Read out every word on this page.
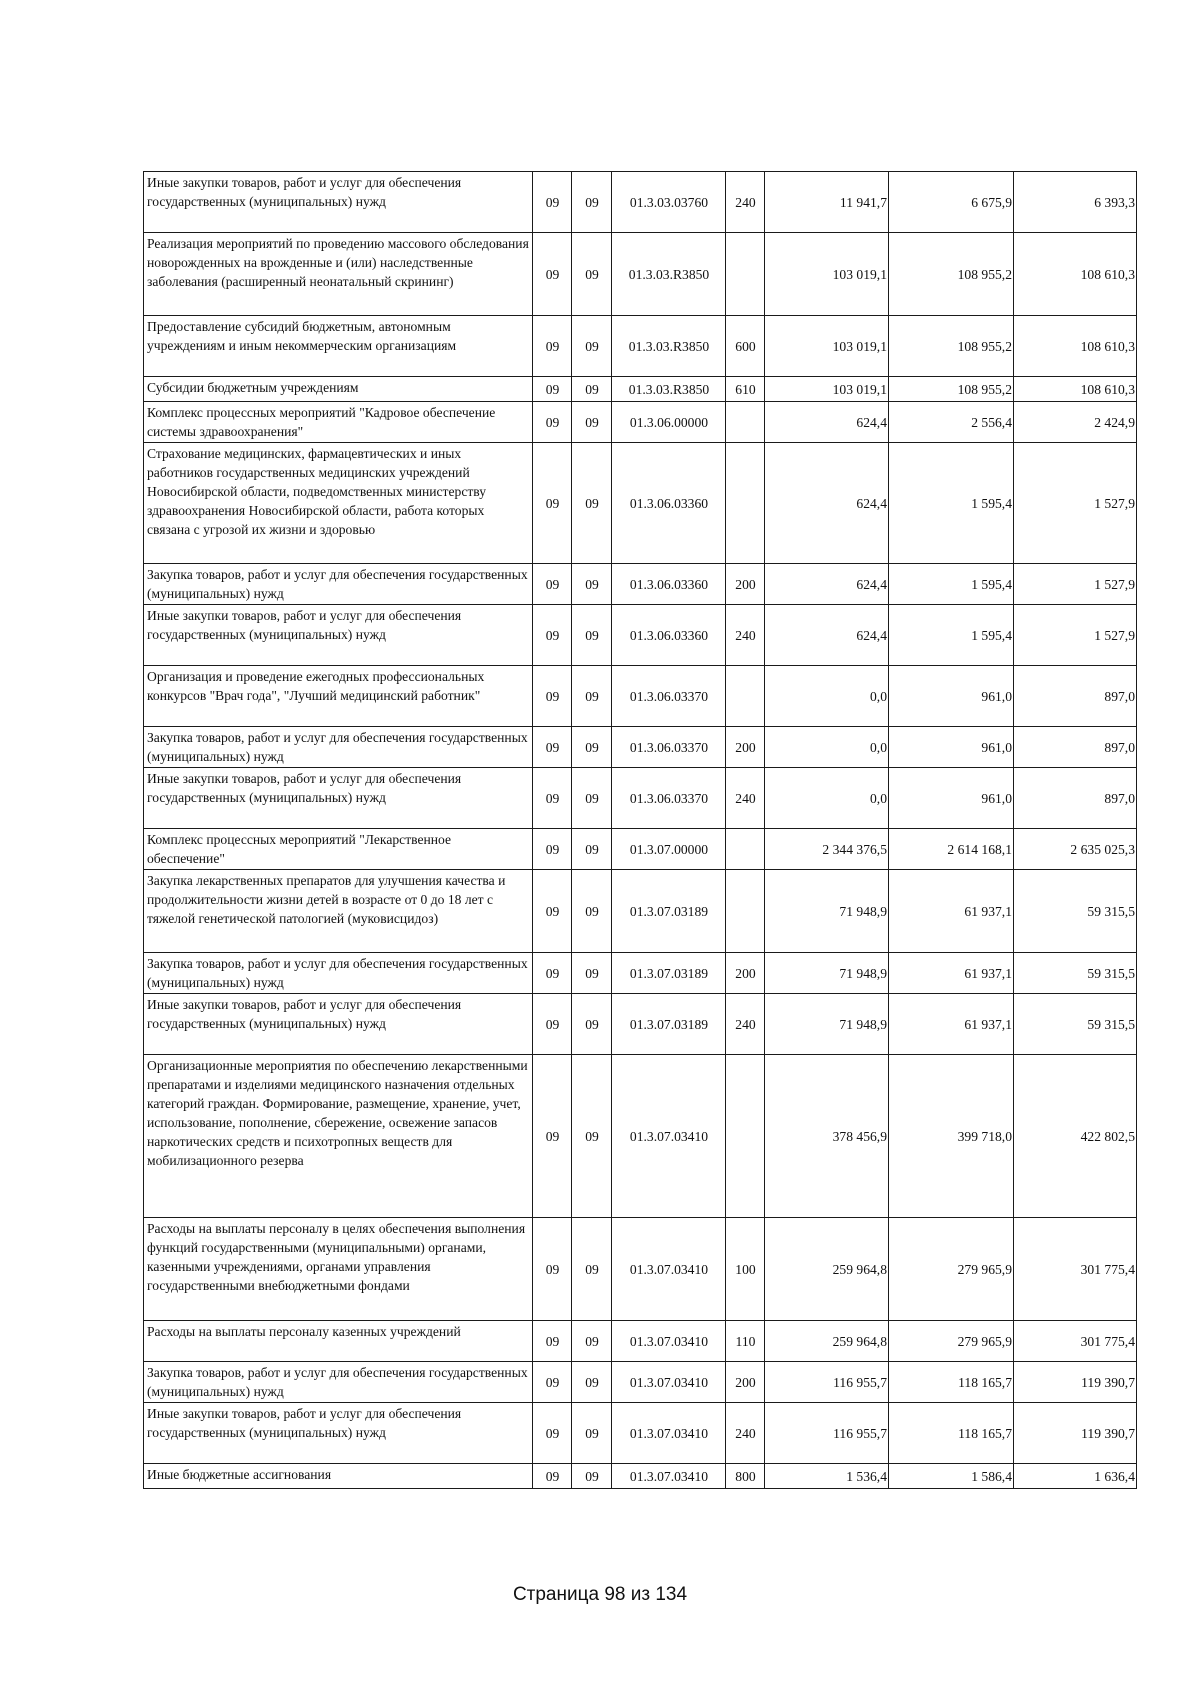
Иные закупки товаров, работ и услуг для обеспечения государственных (муниципальных) нужд	09	09	01.3.03.03760	240	11 941,7	6 675,9	6 393,3
Реализация мероприятий по проведению массового обследования новорожденных на врожденные и (или) наследственные заболевания (расширенный неонатальный скрининг)	09	09	01.3.03.R3850		103 019,1	108 955,2	108 610,3
Предоставление субсидий бюджетным, автономным учреждениям и иным некоммерческим организациям	09	09	01.3.03.R3850	600	103 019,1	108 955,2	108 610,3
Субсидии бюджетным учреждениям	09	09	01.3.03.R3850	610	103 019,1	108 955,2	108 610,3
Комплекс процессных мероприятий "Кадровое обеспечение системы здравоохранения"	09	09	01.3.06.00000		624,4	2 556,4	2 424,9
Страхование медицинских, фармацевтических и иных работников государственных медицинских учреждений Новосибирской области, подведомственных министерству здравоохранения Новосибирской области, работа которых связана с угрозой их жизни и здоровью	09	09	01.3.06.03360		624,4	1 595,4	1 527,9
Закупка товаров, работ и услуг для обеспечения государственных (муниципальных) нужд	09	09	01.3.06.03360	200	624,4	1 595,4	1 527,9
Иные закупки товаров, работ и услуг для обеспечения государственных (муниципальных) нужд	09	09	01.3.06.03360	240	624,4	1 595,4	1 527,9
Организация и проведение ежегодных профессиональных конкурсов "Врач года", "Лучший медицинский работник"	09	09	01.3.06.03370		0,0	961,0	897,0
Закупка товаров, работ и услуг для обеспечения государственных (муниципальных) нужд	09	09	01.3.06.03370	200	0,0	961,0	897,0
Иные закупки товаров, работ и услуг для обеспечения государственных (муниципальных) нужд	09	09	01.3.06.03370	240	0,0	961,0	897,0
Комплекс процессных мероприятий "Лекарственное обеспечение"	09	09	01.3.07.00000		2 344 376,5	2 614 168,1	2 635 025,3
Закупка лекарственных препаратов для улучшения качества и продолжительности жизни детей в возрасте от 0 до 18 лет с тяжелой генетической патологией (муковисцидоз)	09	09	01.3.07.03189		71 948,9	61 937,1	59 315,5
Закупка товаров, работ и услуг для обеспечения государственных (муниципальных) нужд	09	09	01.3.07.03189	200	71 948,9	61 937,1	59 315,5
Иные закупки товаров, работ и услуг для обеспечения государственных (муниципальных) нужд	09	09	01.3.07.03189	240	71 948,9	61 937,1	59 315,5
Организационные мероприятия по обеспечению лекарственными препаратами и изделиями медицинского назначения отдельных категорий граждан. Формирование, размещение, хранение, учет, использование, пополнение, сбережение, освежение запасов наркотических средств и психотропных веществ для мобилизационного резерва	09	09	01.3.07.03410		378 456,9	399 718,0	422 802,5
Расходы на выплаты персоналу в целях обеспечения выполнения функций государственными (муниципальными) органами, казенными учреждениями, органами управления государственными внебюджетными фондами	09	09	01.3.07.03410	100	259 964,8	279 965,9	301 775,4
Расходы на выплаты персоналу казенных учреждений	09	09	01.3.07.03410	110	259 964,8	279 965,9	301 775,4
Закупка товаров, работ и услуг для обеспечения государственных (муниципальных) нужд	09	09	01.3.07.03410	200	116 955,7	118 165,7	119 390,7
Иные закупки товаров, работ и услуг для обеспечения государственных (муниципальных) нужд	09	09	01.3.07.03410	240	116 955,7	118 165,7	119 390,7
Иные бюджетные ассигнования	09	09	01.3.07.03410	800	1 536,4	1 586,4	1 636,4
Страница 98 из 134
